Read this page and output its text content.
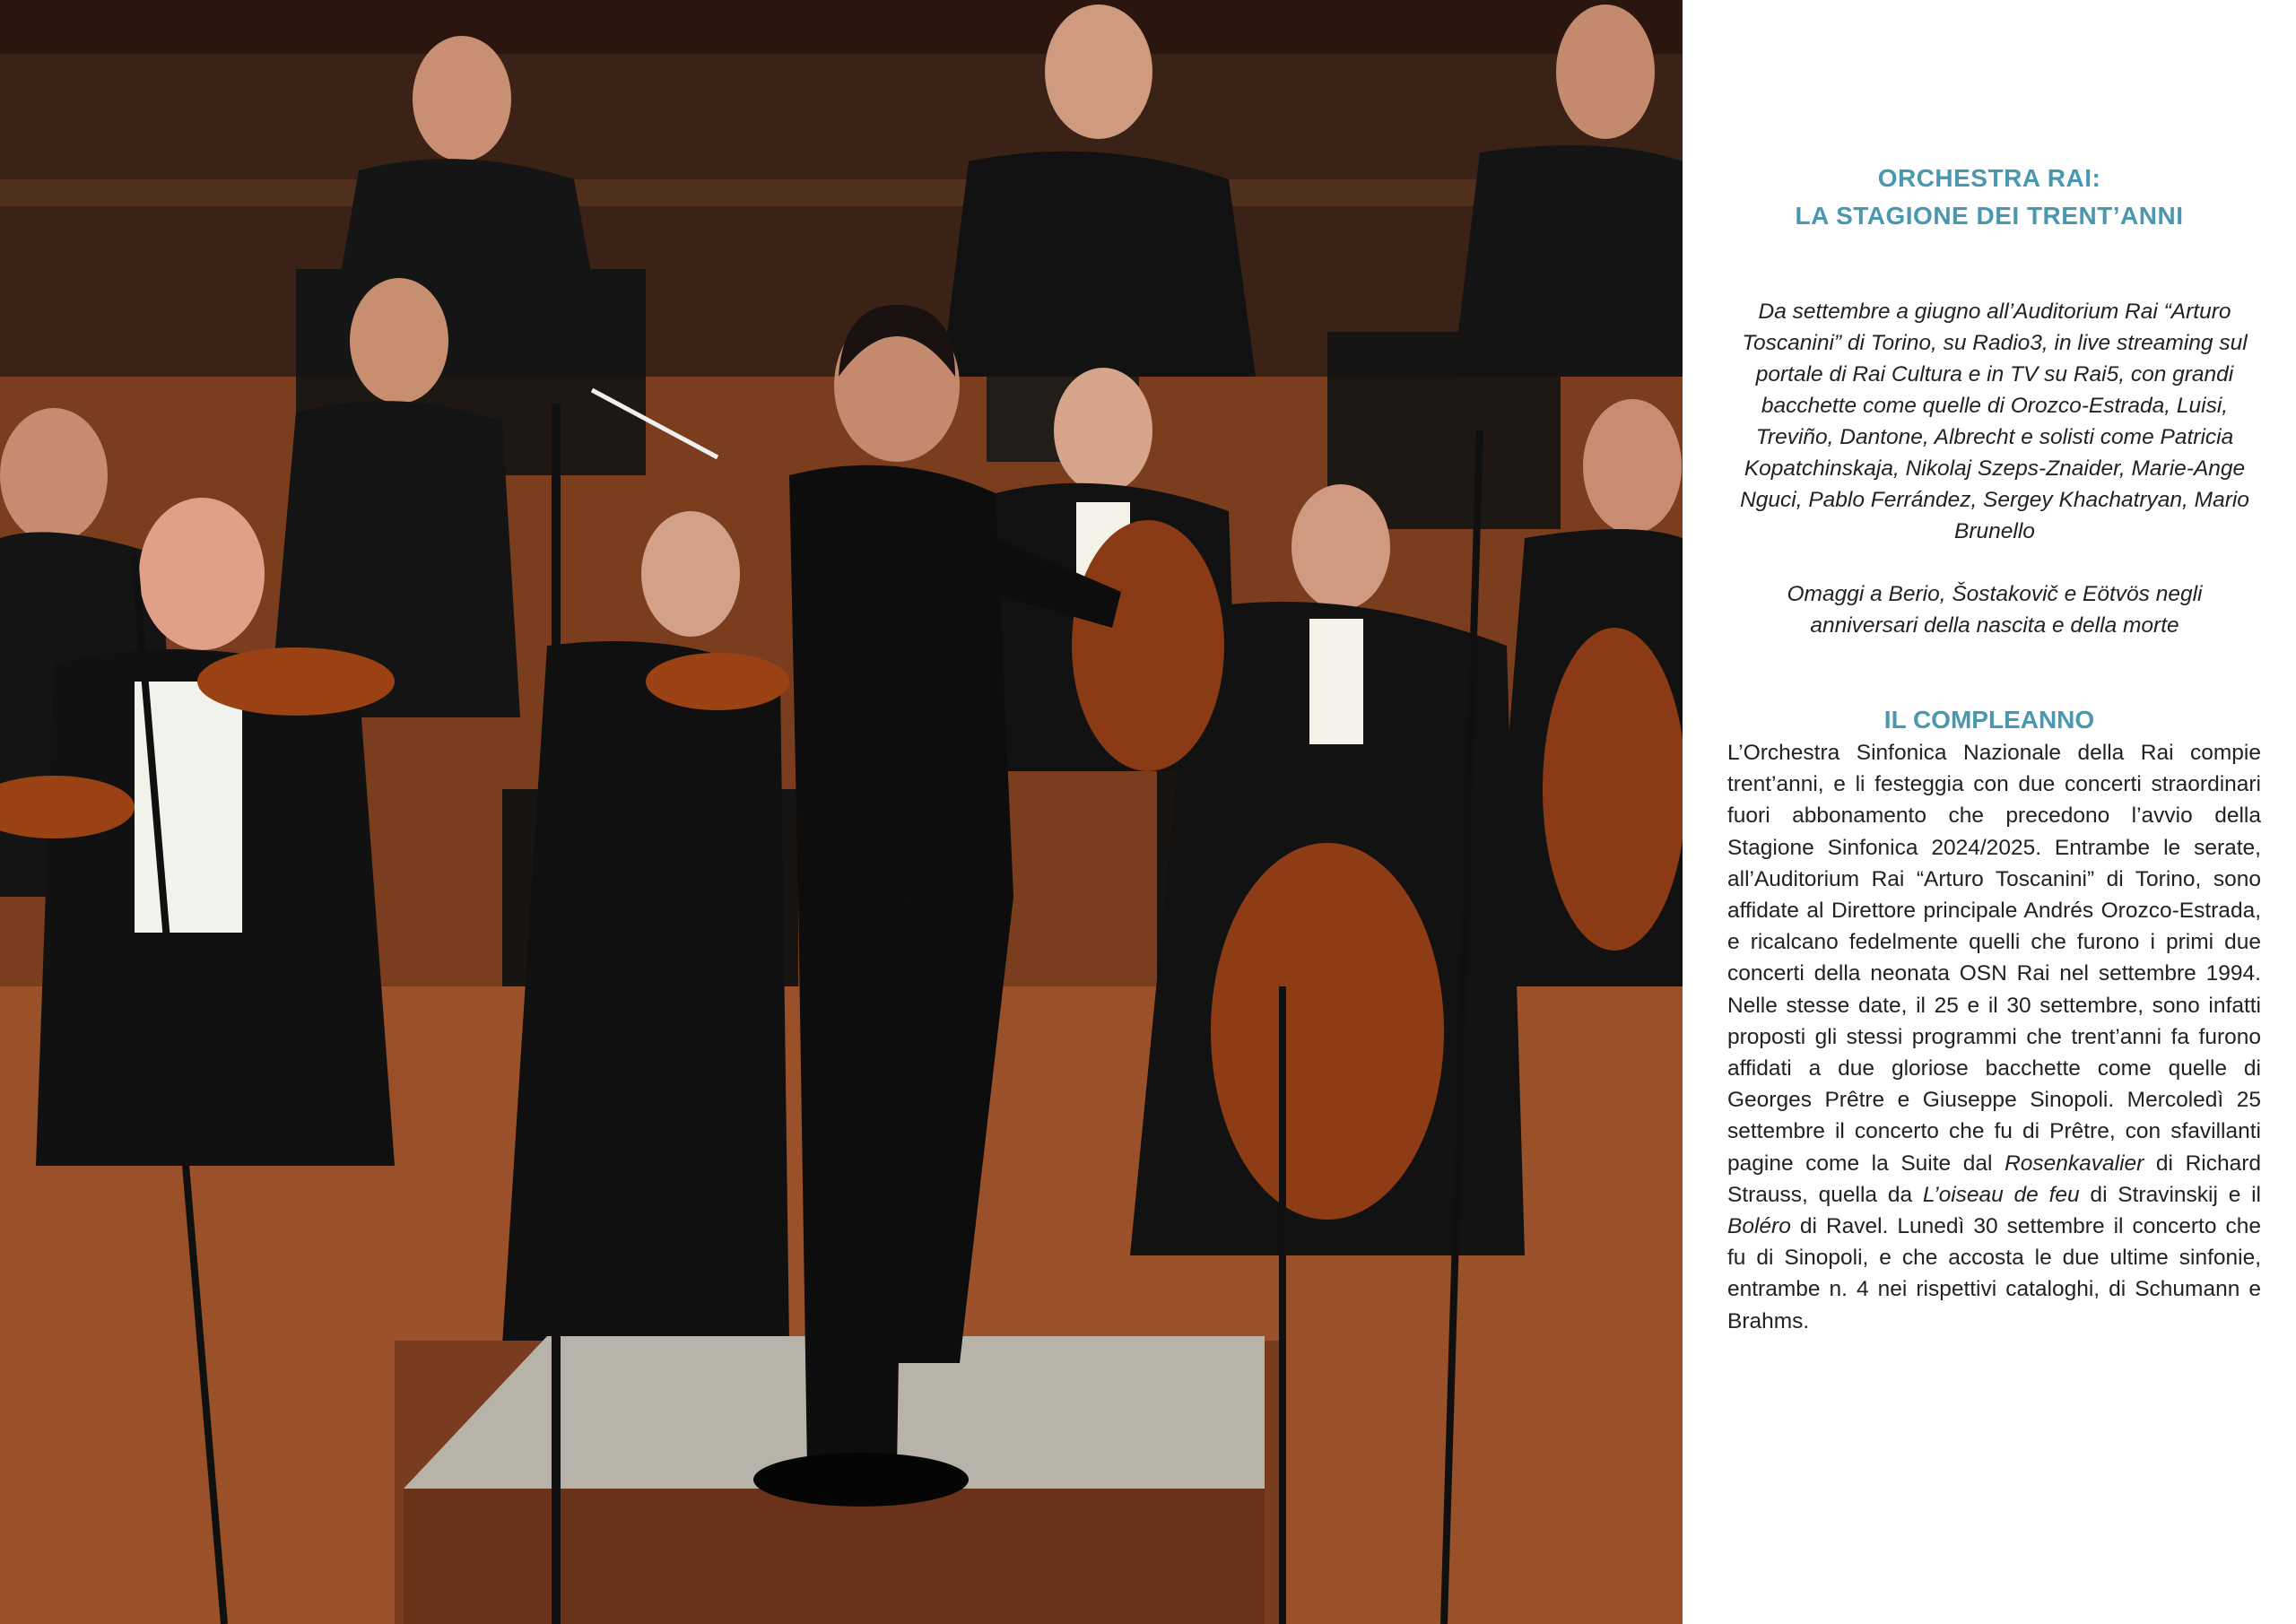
ORCHESTRA RAI:
LA STAGIONE DEI TRENT’ANNI

Da settembre a giugno all’Auditorium Rai “Arturo Toscanini” di Torino, su Radio3, in live streaming sul portale di Rai Cultura e in TV su Rai5, con grandi bacchette come quelle di Orozco-Estrada, Luisi, Treviño, Dantone, Albrecht e solisti come Patricia Kopatchinskaja, Nikolaj Szeps-Znaider, Marie-Ange Nguci, Pablo Ferrández, Sergey Khachatryan, Mario Brunello

Omaggi a Berio, Šostakovič e Eötvös negli anniversari della nascita e della morte

IL COMPLEANNO
L’Orchestra Sinfonica Nazionale della Rai compie trent’anni, e li festeggia con due concerti straordinari fuori abbonamento che precedono l’avvio della Stagione Sinfonica 2024/2025. Entrambe le serate, all’Auditorium Rai “Arturo Toscanini” di Torino, sono affidate al Direttore principale Andrés Orozco-Estrada, e ricalcano fedelmente quelli che furono i primi due concerti della neonata OSN Rai nel settembre 1994. Nelle stesse date, il 25 e il 30 settembre, sono infatti proposti gli stessi programmi che trent’anni fa furono affidati a due gloriose bacchette come quelle di Georges Prêtre e Giuseppe Sinopoli. Mercoledì 25 settembre il concerto che fu di Prêtre, con sfavillanti pagine come la Suite dal Rosenkavalier di Richard Strauss, quella da L’oiseau de feu di Stravinskij e il Boléro di Ravel. Lunedì 30 settembre il concerto che fu di Sinopoli, e che accosta le due ultime sinfonie, entrambe n. 4 nei rispettivi cataloghi, di Schumann e Brahms.
